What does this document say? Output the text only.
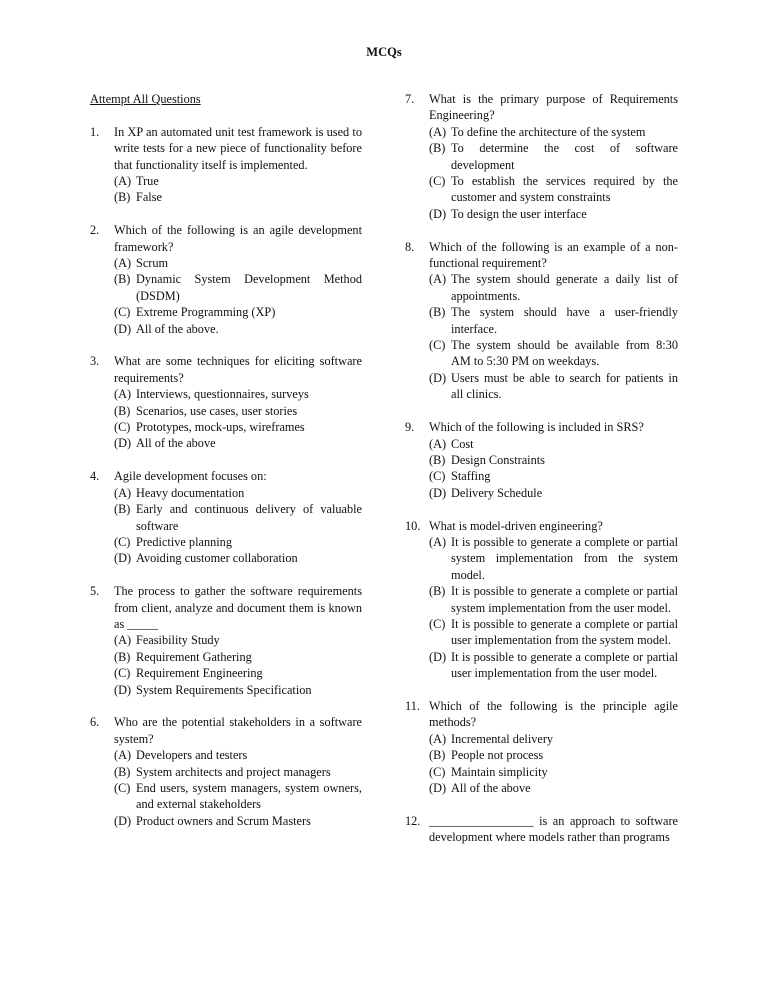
MCQs
Attempt All Questions
1.	In XP an automated unit test framework is used to write tests for a new piece of functionality before that functionality itself is implemented.
(A) True
(B) False
2.	Which of the following is an agile development framework?
(A) Scrum
(B) Dynamic System Development Method (DSDM)
(C) Extreme Programming (XP)
(D) All of the above.
3.	What are some techniques for eliciting software requirements?
(A) Interviews, questionnaires, surveys
(B) Scenarios, use cases, user stories
(C) Prototypes, mock-ups, wireframes
(D) All of the above
4.	Agile development focuses on:
(A) Heavy documentation
(B) Early and continuous delivery of valuable software
(C) Predictive planning
(D) Avoiding customer collaboration
5.	The process to gather the software requirements from client, analyze and document them is known as _____
(A) Feasibility Study
(B) Requirement Gathering
(C) Requirement Engineering
(D) System Requirements Specification
6.	Who are the potential stakeholders in a software system?
(A) Developers and testers
(B) System architects and project managers
(C) End users, system managers, system owners, and external stakeholders
(D) Product owners and Scrum Masters
7.	What is the primary purpose of Requirements Engineering?
(A) To define the architecture of the system
(B) To determine the cost of software development
(C) To establish the services required by the customer and system constraints
(D) To design the user interface
8.	Which of the following is an example of a non-functional requirement?
(A) The system should generate a daily list of appointments.
(B) The system should have a user-friendly interface.
(C) The system should be available from 8:30 AM to 5:30 PM on weekdays.
(D) Users must be able to search for patients in all clinics.
9.	Which of the following is included in SRS?
(A) Cost
(B) Design Constraints
(C) Staffing
(D) Delivery Schedule
10. What is model-driven engineering?
(A) It is possible to generate a complete or partial system implementation from the system model.
(B) It is possible to generate a complete or partial system implementation from the user model.
(C) It is possible to generate a complete or partial user implementation from the system model.
(D) It is possible to generate a complete or partial user implementation from the user model.
11. Which of the following is the principle agile methods?
(A) Incremental delivery
(B) People not process
(C) Maintain simplicity
(D) All of the above
12. _________________ is an approach to software development where models rather than programs
